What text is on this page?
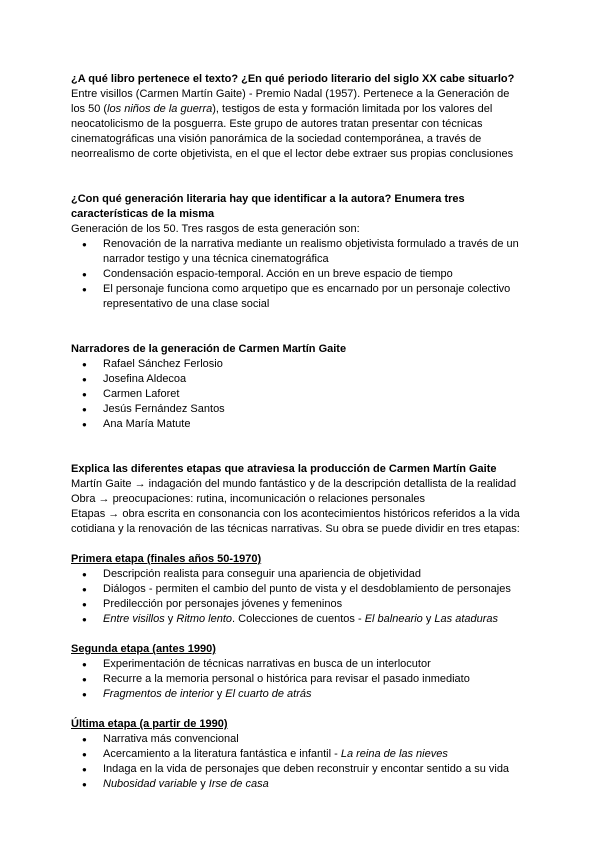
¿A qué libro pertenece el texto? ¿En qué periodo literario del siglo XX cabe situarlo?

Entre visillos (Carmen Martín Gaite) - Premio Nadal (1957). Pertenece a la Generación de
los 50 (los niños de la guerra), testigos de esta y formación limitada por los valores del
neocatolicismo de la posguerra. Este grupo de autores tratan presentar con técnicas
cinematográficas una visión panorámica de la sociedad contemporánea, a través de
neorrealismo de corte objetivista, en el que el lector debe extraer sus propias conclusiones

¿Con qué generación literaria hay que identificar a la autora? Enumera tres características de la misma

Generación de los 50. Tres rasgos de esta generación son:

● Renovación de la narrativa mediante un realismo objetivista formulado a través de un narrador testigo y una técnica cinematográfica
● Condensación espacio-temporal. Acción en un breve espacio de tiempo
● El personaje funciona como arquetipo que es encarnado por un personaje colectivo representativo de una clase social

Narradores de la generación de Carmen Martín Gaite

● Rafael Sánchez Ferlosio
● Josefina Aldecoa
● Carmen Laforet
● Jesús Fernández Santos
● Ana María Matute

Explica las diferentes etapas que atraviesa la producción de Carmen Martín Gaite

Martín Gaite → indagación del mundo fantástico y de la descripción detallista de la realidad

Obra → preocupaciones: rutina, incomunicación o relaciones personales

Etapas → obra escrita en consonancia con los acontecimientos históricos referidos a la vida cotidiana y la renovación de las técnicas narrativas. Su obra se puede dividir en tres etapas:

Primera etapa (finales años 50-1970)

● Descripción realista para conseguir una apariencia de objetividad
● Diálogos - permiten el cambio del punto de vista y el desdoblamiento de personajes
● Predilección por personajes jóvenes y femeninos
● Entre visillos y Ritmo lento. Colecciones de cuentos - El balneario y Las ataduras

Segunda etapa (antes 1990)

● Experimentación de técnicas narrativas en busca de un interlocutor
● Recurre a la memoria personal o histórica para revisar el pasado inmediato
● Fragmentos de interior y El cuarto de atrás

Última etapa (a partir de 1990)

● Narrativa más convencional
● Acercamiento a la literatura fantástica e infantil - La reina de las nieves
● Indaga en la vida de personajes que deben reconstruir y encontar sentido a su vida
● Nubosidad variable y Irse de casa
